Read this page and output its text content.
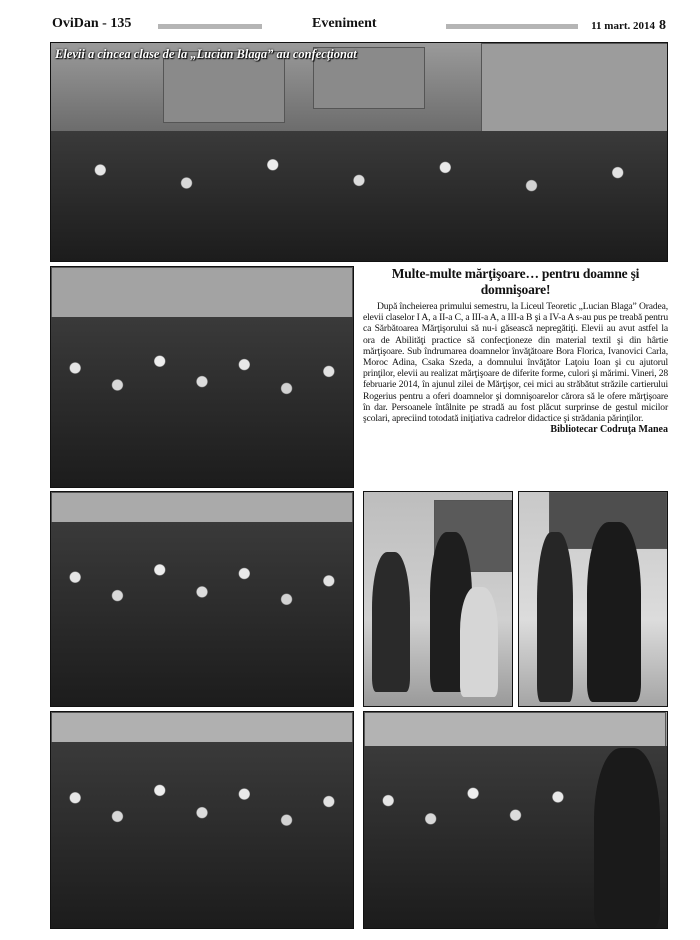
OviDan - 135	Eveniment	11 mart. 2014 8
Elevii a cincea clase de la „Lucian Blaga” au confecţionat
Multe-multe mărţişoare… pentru doamne şi domnişoare!

După încheierea primului semestru, la Liceul Teoretic „Lucian Blaga” Oradea, elevii claselor I A, a II-a C, a III-a A, a III-a B şi a IV-a A s-au pus pe treabă pentru ca Sărbătoarea Mărţişorului să nu-i găsească nepregătiţi. Elevii au avut astfel la ora de Abilităţi practice să confecţioneze din material textil şi din hârtie mărţişoare. Sub îndrumarea doamnelor învăţătoare Bora Florica, Ivanovici Carla, Moroc Adina, Csaka Szeda, a domnului învăţător Laţoiu Ioan şi cu ajutorul prinţilor, elevii au realizat mărţişoare de diferite forme, culori şi mărimi. Vineri, 28 februarie 2014, în ajunul zilei de Mărţişor, cei mici au străbătut străzile cartierului Rogerius pentru a oferi doamnelor şi domnişoarelor cărora să le ofere mărţişoare în dar. Persoanele întâlnite pe stradă au fost plăcut surprinse de gestul micilor şcolari, apreciind totodată iniţiativa cadrelor didactice şi strădania părinţilor.

Bibliotecar Codruţa Manea
